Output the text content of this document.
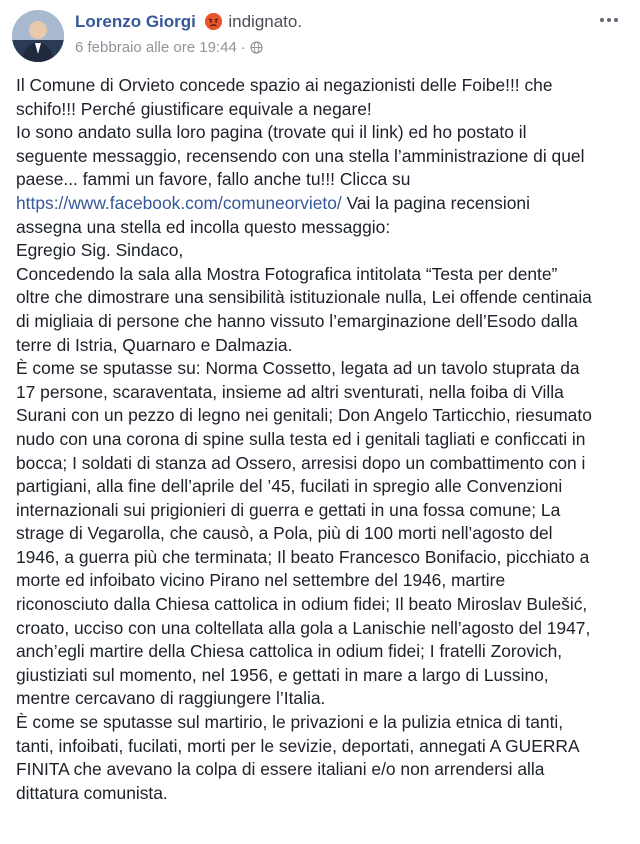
Lorenzo Giorgi indignato.
6 febbraio alle ore 19:44 ·
Il Comune di Orvieto concede spazio ai negazionisti delle Foibe!!! che
schifo!!! Perché giustificare equivale a negare!
Io sono andato sulla loro pagina (trovate qui il link) ed ho postato il
seguente messaggio, recensendo con una stella l’amministrazione di quel
paese... fammi un favore, fallo anche tu!!! Clicca su
https://www.facebook.com/comuneorvieto/ Vai la pagina recensioni
assegna una stella ed incolla questo messaggio:
Egregio Sig. Sindaco,
Concedendo la sala alla Mostra Fotografica intitolata “Testa per dente”
oltre che dimostrare una sensibilità istituzionale nulla, Lei offende centinaia
di migliaia di persone che hanno vissuto l’emarginazione dell’Esodo dalla
terre di Istria, Quarnaro e Dalmazia.
È come se sputasse su: Norma Cossetto, legata ad un tavolo stuprata da
17 persone, scaraventata, insieme ad altri sventurati, nella foiba di Villa
Surani con un pezzo di legno nei genitali; Don Angelo Tarticchio, riesumato
nudo con una corona di spine sulla testa ed i genitali tagliati e conficcati in
bocca; I soldati di stanza ad Ossero, arresisi dopo un combattimento con i
partigiani, alla fine dell’aprile del ’45, fucilati in spregio alle Convenzioni
internazionali sui prigionieri di guerra e gettati in una fossa comune; La
strage di Vegarolla, che causò, a Pola, più di 100 morti nell’agosto del
1946, a guerra più che terminata; Il beato Francesco Bonifacio, picchiato a
morte ed infoibato vicino Pirano nel settembre del 1946, martire
riconosciuto dalla Chiesa cattolica in odium fidei; Il beato Miroslav Bulešić,
croato, ucciso con una coltellata alla gola a Lanischie nell’agosto del 1947,
anch’egli martire della Chiesa cattolica in odium fidei; I fratelli Zorovich,
giustiziati sul momento, nel 1956, e gettati in mare a largo di Lussino,
mentre cercavano di raggiungere l’Italia.
È come se sputasse sul martirio, le privazioni e la pulizia etnica di tanti,
tanti, infoibati, fucilati, morti per le sevizie, deportati, annegati A GUERRA
FINITA che avevano la colpa di essere italiani e/o non arrendersi alla
dittatura comunista.
